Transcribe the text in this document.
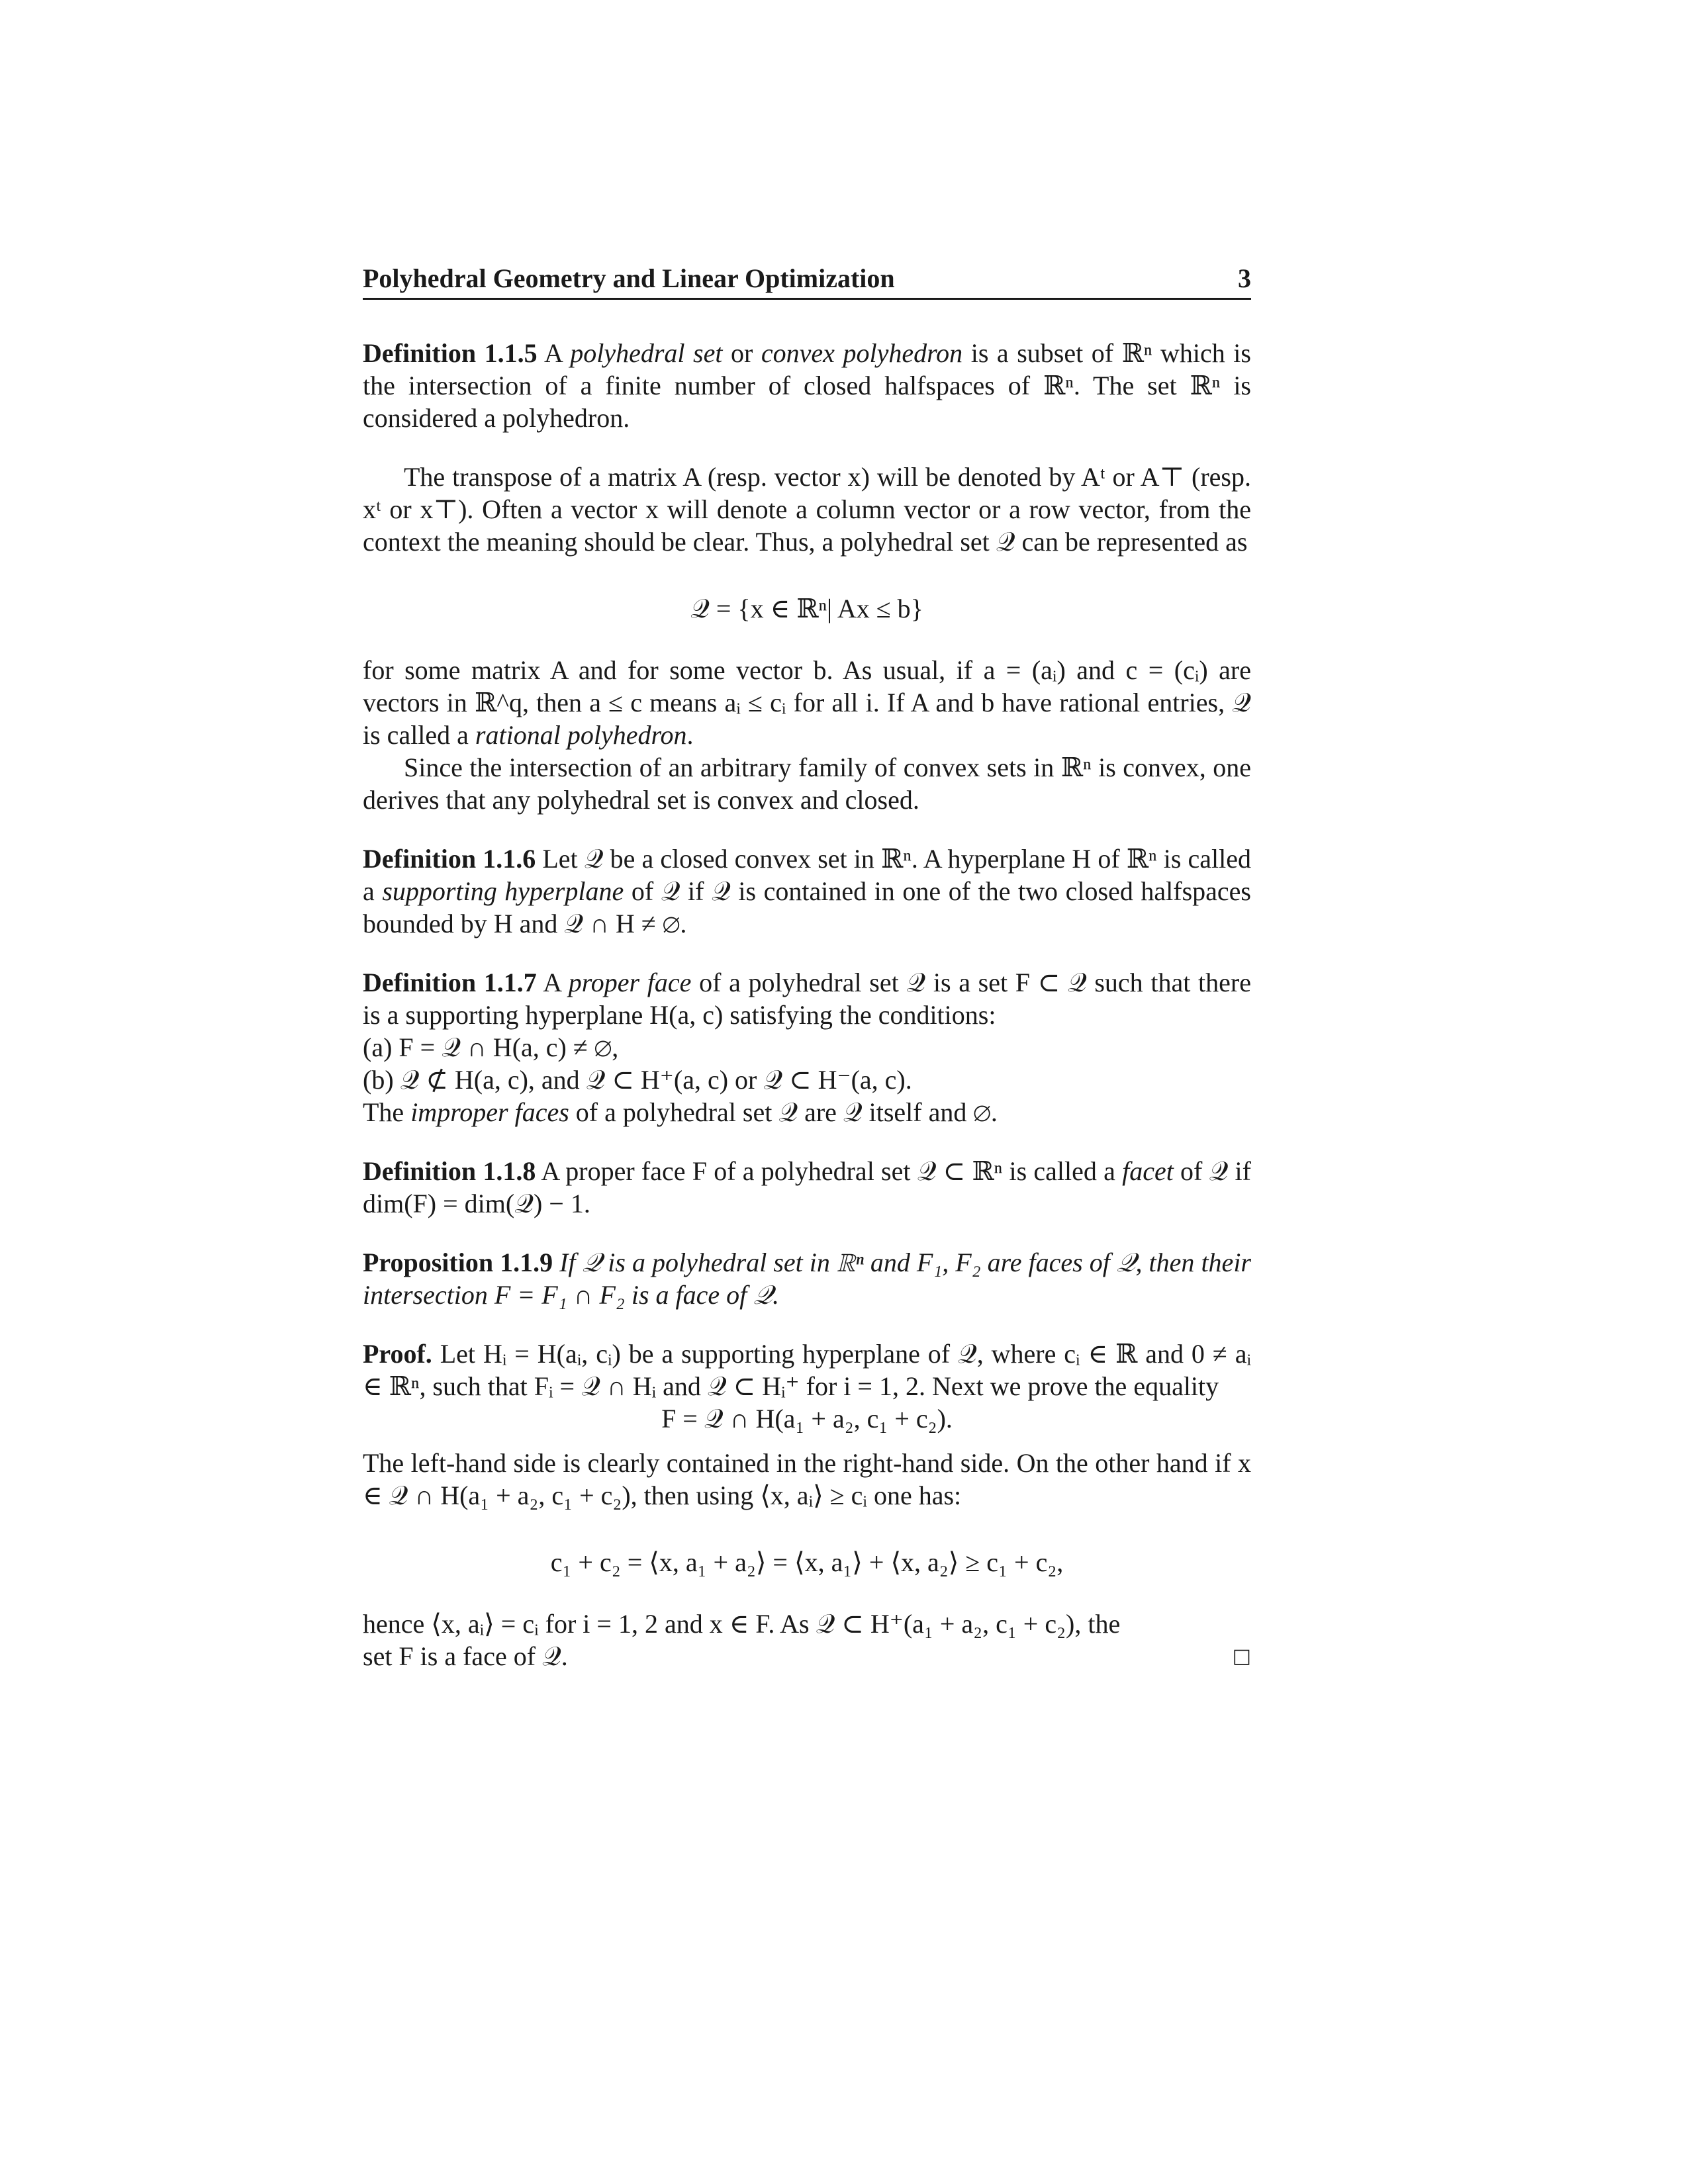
Polyhedral Geometry and Linear Optimization	3

Definition 1.1.5 A polyhedral set or convex polyhedron is a subset of ℝⁿ which is the intersection of a finite number of closed halfspaces of ℝⁿ. The set ℝⁿ is considered a polyhedron.

The transpose of a matrix A (resp. vector x) will be denoted by Aᵗ or A⊤ (resp. xᵗ or x⊤). Often a vector x will denote a column vector or a row vector, from the context the meaning should be clear. Thus, a polyhedral set 𝒬 can be represented as

𝒬 = {x ∈ ℝⁿ| Ax ≤ b}

for some matrix A and for some vector b. As usual, if a = (aᵢ) and c = (cᵢ) are vectors in ℝ^q, then a ≤ c means aᵢ ≤ cᵢ for all i. If A and b have rational entries, 𝒬 is called a rational polyhedron.

Since the intersection of an arbitrary family of convex sets in ℝⁿ is convex, one derives that any polyhedral set is convex and closed.

Definition 1.1.6 Let 𝒬 be a closed convex set in ℝⁿ. A hyperplane H of ℝⁿ is called a supporting hyperplane of 𝒬 if 𝒬 is contained in one of the two closed halfspaces bounded by H and 𝒬 ∩ H ≠ ∅.

Definition 1.1.7 A proper face of a polyhedral set 𝒬 is a set F ⊂ 𝒬 such that there is a supporting hyperplane H(a, c) satisfying the conditions:

(a) F = 𝒬 ∩ H(a, c) ≠ ∅,

(b) 𝒬 ⊄ H(a, c), and 𝒬 ⊂ H⁺(a, c) or 𝒬 ⊂ H⁻(a, c).

The improper faces of a polyhedral set 𝒬 are 𝒬 itself and ∅.

Definition 1.1.8 A proper face F of a polyhedral set 𝒬 ⊂ ℝⁿ is called a facet of 𝒬 if dim(F) = dim(𝒬) − 1.

Proposition 1.1.9 If 𝒬 is a polyhedral set in ℝⁿ and F₁, F₂ are faces of 𝒬, then their intersection F = F₁ ∩ F₂ is a face of 𝒬.

Proof. Let Hᵢ = H(aᵢ, cᵢ) be a supporting hyperplane of 𝒬, where cᵢ ∈ ℝ and 0 ≠ aᵢ ∈ ℝⁿ, such that Fᵢ = 𝒬 ∩ Hᵢ and 𝒬 ⊂ Hᵢ⁺ for i = 1, 2. Next we prove the equality

F = 𝒬 ∩ H(a₁ + a₂, c₁ + c₂).

The left-hand side is clearly contained in the right-hand side. On the other hand if x ∈ 𝒬 ∩ H(a₁ + a₂, c₁ + c₂), then using ⟨x, aᵢ⟩ ≥ cᵢ one has:

c₁ + c₂ = ⟨x, a₁ + a₂⟩ = ⟨x, a₁⟩ + ⟨x, a₂⟩ ≥ c₁ + c₂,

hence ⟨x, aᵢ⟩ = cᵢ for i = 1, 2 and x ∈ F. As 𝒬 ⊂ H⁺(a₁ + a₂, c₁ + c₂), the

set F is a face of 𝒬.	□
